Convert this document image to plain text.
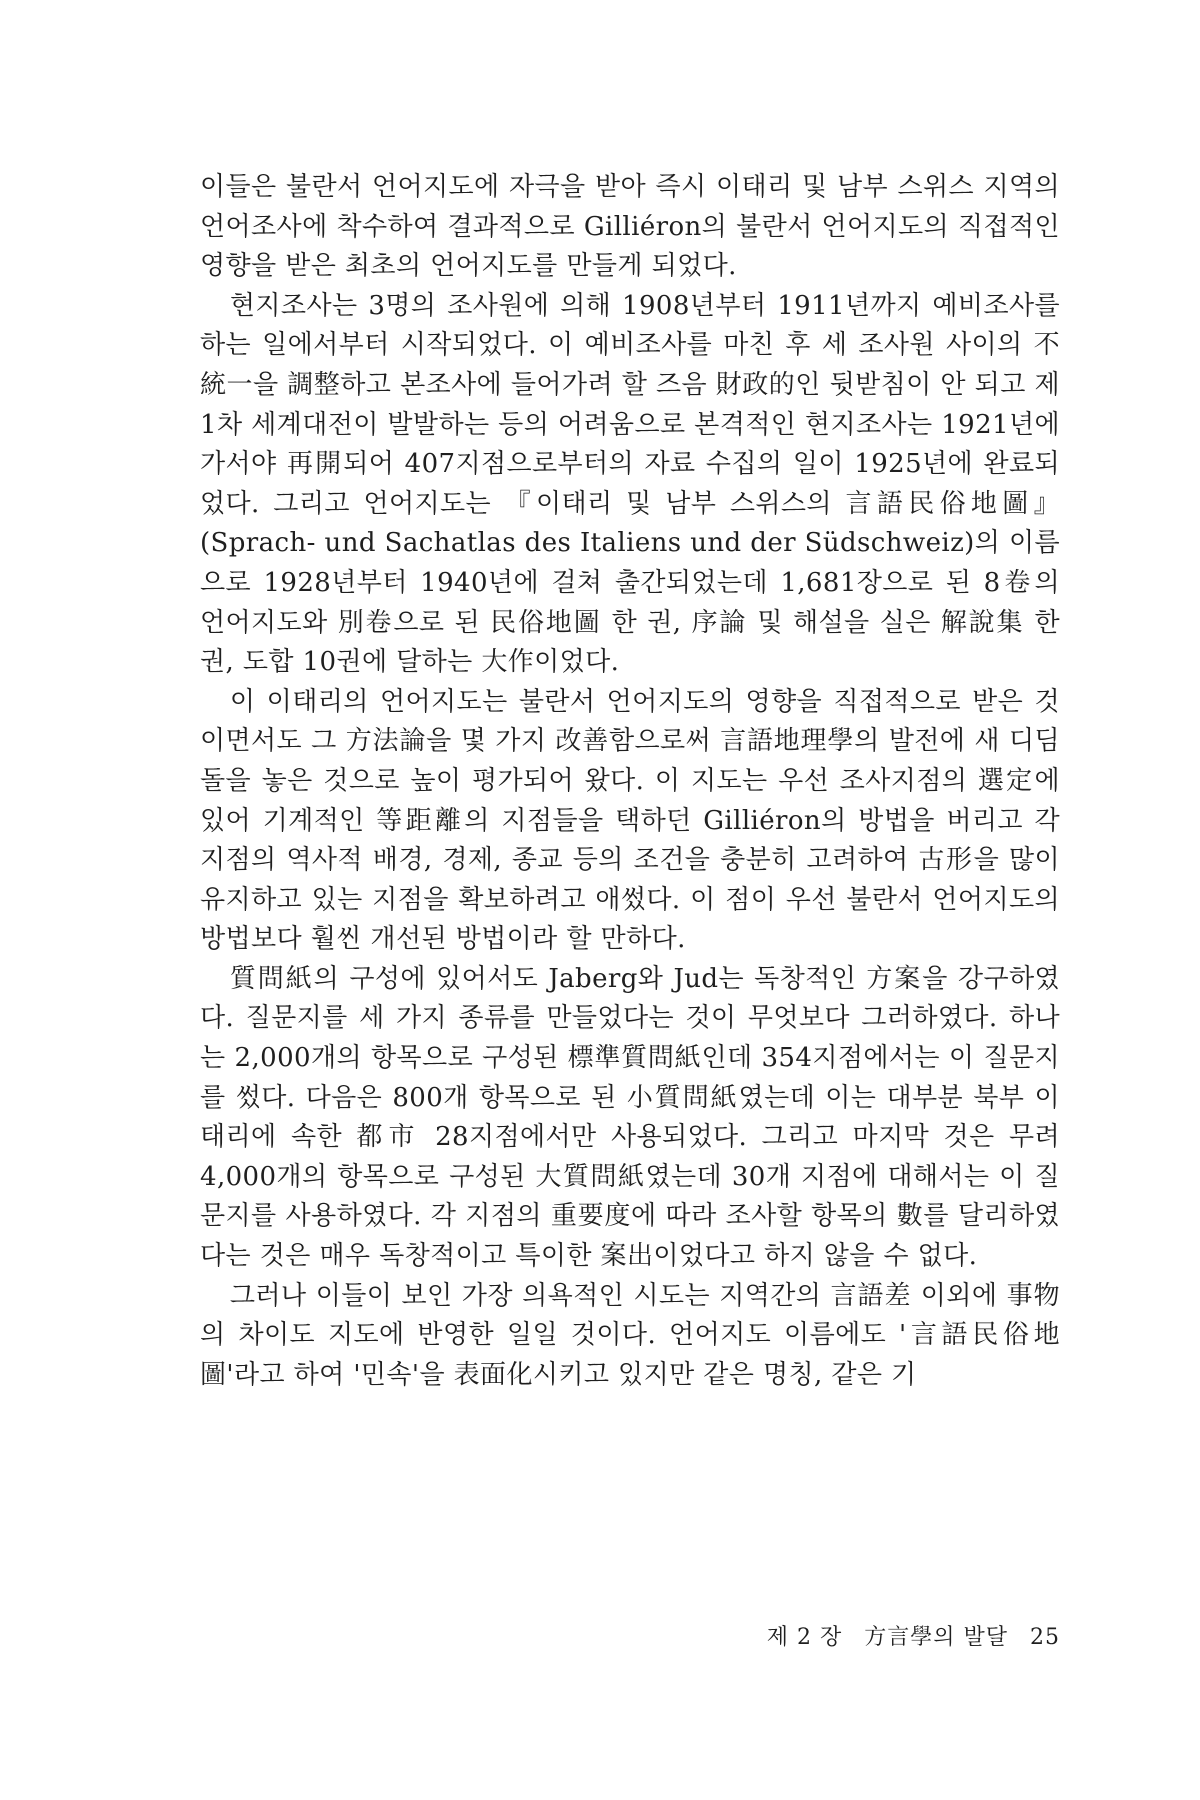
이들은 불란서 언어지도에 자극을 받아 즉시 이태리 및 남부 스위스 지역의 언어조사에 착수하여 결과적으로 Gilliéron의 불란서 언어지도의 직접적인 영향을 받은 최초의 언어지도를 만들게 되었다.

현지조사는 3명의 조사원에 의해 1908년부터 1911년까지 예비조사를 하는 일에서부터 시작되었다. 이 예비조사를 마친 후 세 조사원 사이의 不統一을 調整하고 본조사에 들어가려 할 즈음 財政的인 뒷받침이 안 되고 제 1차 세계대전이 발발하는 등의 어려움으로 본격적인 현지조사는 1921년에 가서야 再開되어 407지점으로부터의 자료 수집의 일이 1925년에 완료되었다. 그리고 언어지도는 『이태리 및 남부 스위스의 言語民俗地圖』(Sprach- und Sachatlas des Italiens und der Südschweiz)의 이름으로 1928년부터 1940년에 걸쳐 출간되었는데 1,681장으로 된 8卷의 언어지도와 別卷으로 된 民俗地圖 한 권, 序論 및 해설을 실은 解說集 한 권, 도합 10권에 달하는 大作이었다.

이 이태리의 언어지도는 불란서 언어지도의 영향을 직접적으로 받은 것이면서도 그 方法論을 몇 가지 改善함으로써 言語地理學의 발전에 새 디딤돌을 놓은 것으로 높이 평가되어 왔다. 이 지도는 우선 조사지점의 選定에 있어 기계적인 等距離의 지점들을 택하던 Gilliéron의 방법을 버리고 각 지점의 역사적 배경, 경제, 종교 등의 조건을 충분히 고려하여 古形을 많이 유지하고 있는 지점을 확보하려고 애썼다. 이 점이 우선 불란서 언어지도의 방법보다 훨씬 개선된 방법이라 할 만하다.

質問紙의 구성에 있어서도 Jaberg와 Jud는 독창적인 方案을 강구하였다. 질문지를 세 가지 종류를 만들었다는 것이 무엇보다 그러하였다. 하나는 2,000개의 항목으로 구성된 標準質問紙인데 354지점에서는 이 질문지를 썼다. 다음은 800개 항목으로 된 小質問紙였는데 이는 대부분 북부 이태리에 속한 都市 28지점에서만 사용되었다. 그리고 마지막 것은 무려 4,000개의 항목으로 구성된 大質問紙였는데 30개 지점에 대해서는 이 질문지를 사용하였다. 각 지점의 重要度에 따라 조사할 항목의 數를 달리하였다는 것은 매우 독창적이고 특이한 案出이었다고 하지 않을 수 없다.

그러나 이들이 보인 가장 의욕적인 시도는 지역간의 言語差 이외에 事物의 차이도 지도에 반영한 일일 것이다. 언어지도 이름에도 '言語民俗地圖'라고 하여 '민속'을 表面化시키고 있지만 같은 명칭, 같은 기

제 2 장 方言學의 발달 25
